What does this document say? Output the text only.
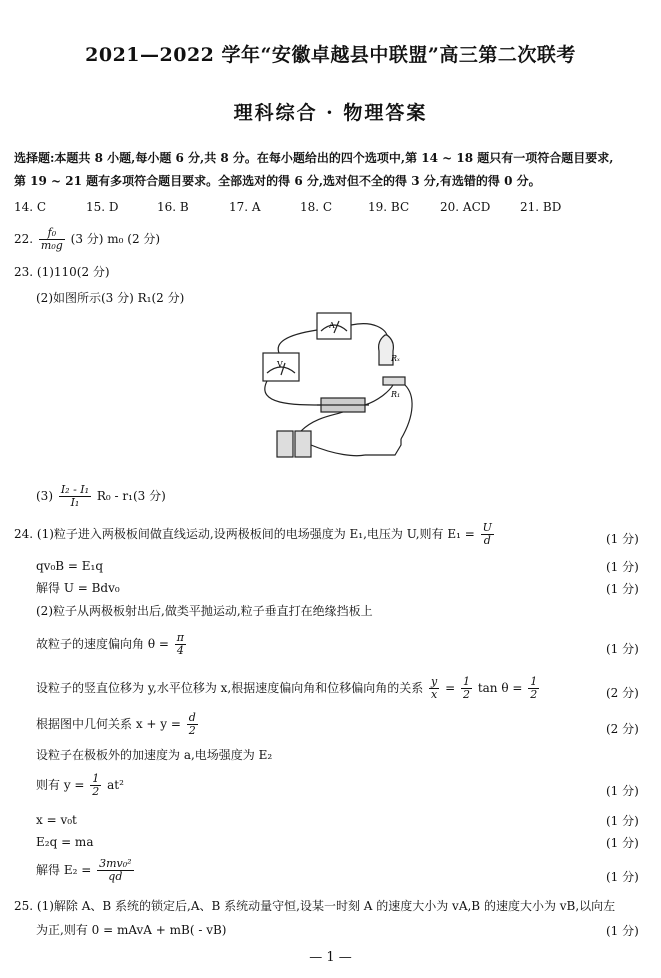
2021—2022 学年“安徽卓越县中联盟”高三第二次联考
理科综合 · 物理答案
选择题:本题共 8 小题,每小题 6 分,共 8 分。在每小题给出的四个选项中,第 14 ~ 18 题只有一项符合题目要求,
第 19 ~ 21 题有多项符合题目要求。全部选对的得 6 分,选对但不全的得 3 分,有选错的得 0 分。
14. C	15. D	16. B	17. A	18. C	19. BC	20. ACD 21. BD
22. $\frac{\text{f₀}}{\text{m₀g}} (3$ 分) m₀ (2 分)
23. (1)110(2 分)
(2)如图所示(3 分) R₁(2 分)
A
V
Rₓ
R₁
$(3) \frac{\text{I₂ - I₁}}{\text{I₁}} R_0 - r_1(3$ 分)
24. (1)粒子进入两极板间做直线运动,设两极板间的电场强度为 E₁,电压为 U,则有 $E_1 = \frac{U}{d}$	(1 分)
qv₀B = E₁q	(1 分)
解得 U = Bdv₀	(1 分)
(2)粒子从两极板射出后,做类平抛运动,粒子垂直打在绝缘挡板上
故粒子的速度偏向角 $\theta = \frac{\pi}{4}$	(1 分)
设粒子的竖直位移为 y,水平位移为 x,根据速度偏向角和位移偏向角的关系 $\frac{y}{x} = \frac{1}{2}$ $\tan \theta = \frac{1}{2}$	(2 分)
根据图中几何关系 $x + y = \frac{d}{2}$	(2 分)
设粒子在极板外的加速度为 a,电场强度为 E₂
则有 $y = \frac{1}{2} at^2$	(1 分)
x = v₀t	(1 分)
E₂q = ma	(1 分)
解得 $E_2 = \frac{\text{3mv₀²}}{qd}$	(1 分)
25. (1)解除 A、B 系统的锁定后,A、B 系统动量守恒,设某一时刻 A 的速度大小为 vA,B 的速度大小为 vB,以向左
为正,则有 0 = mAvA + mB( - vB)	(1 分)
— 1 —
